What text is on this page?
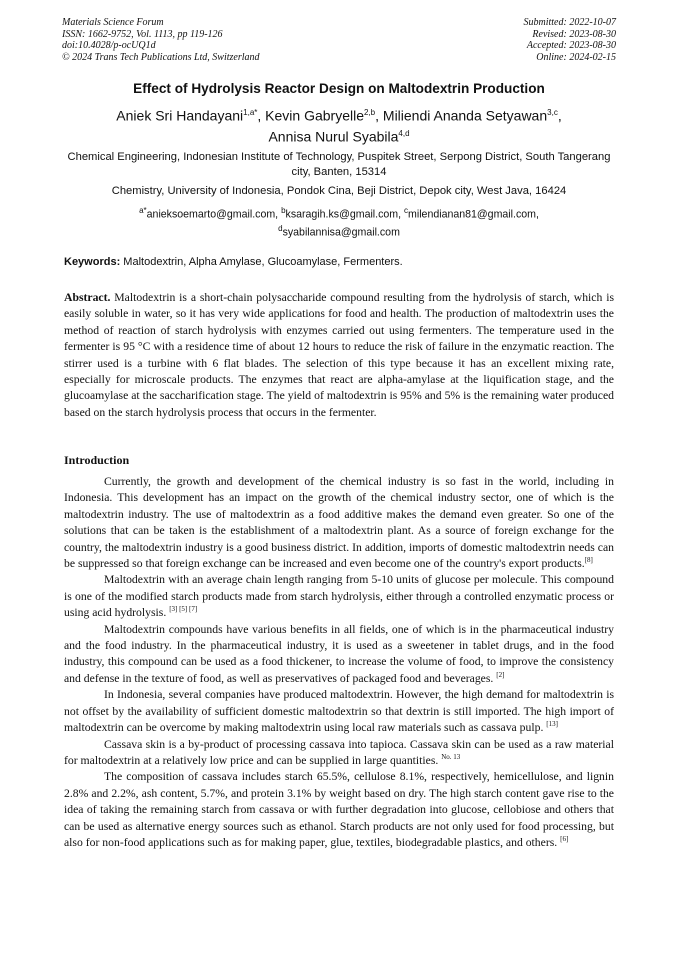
Materials Science Forum
ISSN: 1662-9752, Vol. 1113, pp 119-126
doi:10.4028/p-ocUQ1d
© 2024 Trans Tech Publications Ltd, Switzerland
Submitted: 2022-10-07
Revised: 2023-08-30
Accepted: 2023-08-30
Online: 2024-02-15
Effect of Hydrolysis Reactor Design on Maltodextrin Production
Aniek Sri Handayani$^{1,a*}$, Kevin Gabryelle$^{2,b}$, Miliendi Ananda Setyawan$^{3,c}$,
Annisa Nurul Syabila$^{4,d}$
Chemical Engineering, Indonesian Institute of Technology, Puspitek Street, Serpong District, South Tangerang city, Banten, 15314
Chemistry, University of Indonesia, Pondok Cina, Beji District, Depok city, West Java, 16424
$^{a*}$anieksoemarto@gmail.com, $^b$ksaragih.ks@gmail.com, $^c$milendianan81@gmail.com,
$^d$syabilannisa@gmail.com
Keywords: Maltodextrin, Alpha Amylase, Glucoamylase, Fermenters.
Abstract. Maltodextrin is a short-chain polysaccharide compound resulting from the hydrolysis of starch, which is easily soluble in water, so it has very wide applications for food and health. The production of maltodextrin uses the method of reaction of starch hydrolysis with enzymes carried out using fermenters. The temperature used in the fermenter is 95 °C with a residence time of about 12 hours to reduce the risk of failure in the enzymatic reaction. The stirrer used is a turbine with 6 flat blades. The selection of this type because it has an excellent mixing rate, especially for microscale products. The enzymes that react are alpha-amylase at the liquification stage, and the glucoamylase at the saccharification stage. The yield of maltodextrin is 95% and 5% is the remaining water produced based on the starch hydrolysis process that occurs in the fermenter.
Introduction

Currently, the growth and development of the chemical industry is so fast in the world, including in Indonesia. This development has an impact on the growth of the chemical industry sector, one of which is the maltodextrin industry. The use of maltodextrin as a food additive makes the demand even greater. So one of the solutions that can be taken is the establishment of a maltodextrin plant. As a source of foreign exchange for the country, the maltodextrin industry is a good business district. In addition, imports of domestic maltodextrin needs can be suppressed so that foreign exchange can be increased and even become one of the country's export products.[8]

Maltodextrin with an average chain length ranging from 5-10 units of glucose per molecule. This compound is one of the modified starch products made from starch hydrolysis, either through a controlled enzymatic process or using acid hydrolysis. [3] [5] [7]

Maltodextrin compounds have various benefits in all fields, one of which is in the pharmaceutical industry and the food industry. In the pharmaceutical industry, it is used as a sweetener in tablet drugs, and in the food industry, this compound can be used as a food thickener, to increase the volume of food, to improve the consistency and defense in the texture of food, as well as preservatives of packaged food and beverages. [2]

In Indonesia, several companies have produced maltodextrin. However, the high demand for maltodextrin is not offset by the availability of sufficient domestic maltodextrin so that dextrin is still imported. The high import of maltodextrin can be overcome by making maltodextrin using local raw materials such as cassava pulp. [13]

Cassava skin is a by-product of processing cassava into tapioca. Cassava skin can be used as a raw material for maltodextrin at a relatively low price and can be supplied in large quantities. $^{No. 13}$

The composition of cassava includes starch 65.5%, cellulose 8.1%, respectively, hemicellulose, and lignin 2.8% and 2.2%, ash content, 5.7%, and protein 3.1% by weight based on dry. The high starch content gave rise to the idea of taking the remaining starch from cassava or with further degradation into glucose, cellobiose and others that can be used as alternative energy sources such as ethanol. Starch products are not only used for food processing, but also for non-food applications such as for making paper, glue, textiles, biodegradable plastics, and others. [6]
